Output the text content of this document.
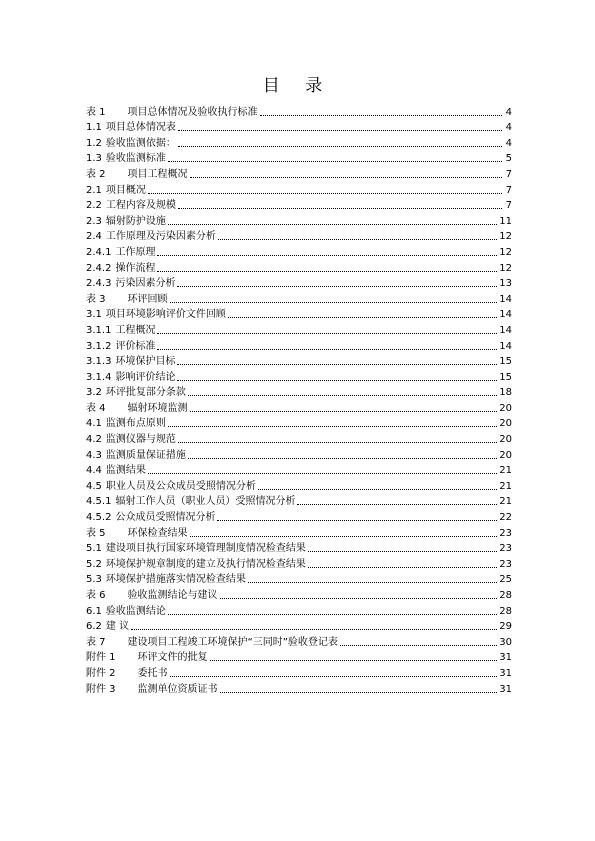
目 录
表 1 项目总体情况及验收执行标准	4
1.1 项目总体情况表	4
1.2 验收监测依据：	4
1.3 验收监测标准	5
表 2 项目工程概况	7
2.1 项目概况	7
2.2 工程内容及规模	7
2.3 辐射防护设施	11
2.4 工作原理及污染因素分析	12
2.4.1 工作原理	12
2.4.2 操作流程	12
2.4.3 污染因素分析	13
表 3 环评回顾	14
3.1 项目环境影响评价文件回顾	14
3.1.1 工程概况	14
3.1.2 评价标准	14
3.1.3 环境保护目标	15
3.1.4 影响评价结论	15
3.2 环评批复部分条款	18
表 4 辐射环境监测	20
4.1 监测布点原则	20
4.2 监测仪器与规范	20
4.3 监测质量保证措施	20
4.4 监测结果	21
4.5 职业人员及公众成员受照情况分析	21
4.5.1 辐射工作人员（职业人员）受照情况分析	21
4.5.2 公众成员受照情况分析	22
表 5 环保检查结果	23
5.1 建设项目执行国家环境管理制度情况检查结果	23
5.2 环境保护规章制度的建立及执行情况检查结果	23
5.3 环境保护措施落实情况检查结果	25
表 6 验收监测结论与建议	28
6.1 验收监测结论	28
6.2 建 议	29
表 7 建设项目工程竣工环境保护“三同时”验收登记表	30
附件 1 环评文件的批复	31
附件 2 委托书	31
附件 3 监测单位资质证书	31
